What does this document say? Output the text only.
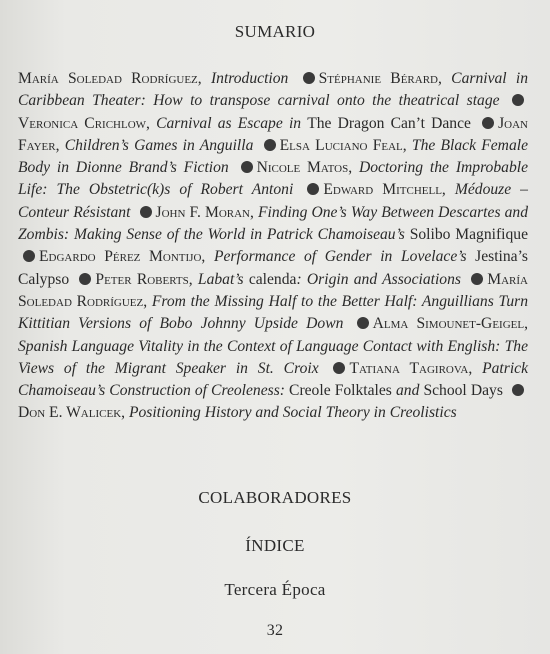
SUMARIO
María Soledad Rodríguez, Introduction Stéphanie Bérard, Carnival in Caribbean Theater: How to transpose carnival onto the theatrical stage Veronica Crichlow, Carnival as Escape in The Dragon Can’t Dance Joan Fayer, Children’s Games in Anguilla Elsa Luciano Feal, The Black Female Body in Dionne Brand’s Fiction Nicole Matos, Doctoring the Improbable Life: The Obstetric(k)s of Robert Antoni Edward Mitchell, Médouze – Conteur Résistant John F. Moran, Finding One’s Way Between Descartes and Zombis: Making Sense of the World in Patrick Chamoiseau’s Solibo Magnifique Edgardo Pérez Montijo, Performance of Gender in Lovelace’s Jestina’s Calypso Peter Roberts, Labat’s calenda: Origin and Associations María Soledad Rodríguez, From the Missing Half to the Better Half: Anguillians Turn Kittitian Versions of Bobo Johnny Upside Down Alma Simounet-Geigel, Spanish Language Vitality in the Context of Language Contact with English: The Views of the Migrant Speaker in St. Croix Tatiana Tagirova, Patrick Chamoiseau’s Construction of Creoleness: Creole Folktales and School Days Don E. Walicek, Positioning History and Social Theory in Creolistics
COLABORADORES
ÍNDICE
Tercera Época
32
